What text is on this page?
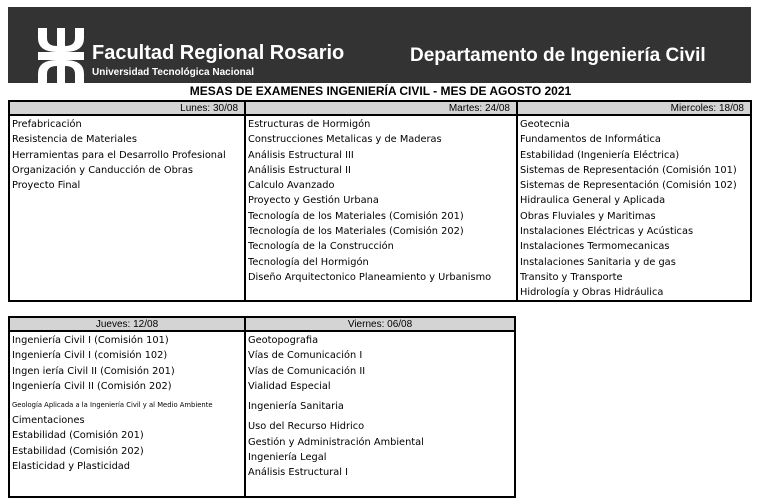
Facultad Regional Rosario
Universidad Tecnológica Nacional
Departamento de Ingeniería Civil
MESAS DE EXAMENES INGENIERÍA CIVIL - MES DE AGOSTO 2021
Lunes: 30/08
Prefabricación
Resistencia de Materiales
Herramientas para el Desarrollo Profesional
Organización y Canducción de Obras
Proyecto Final
Martes: 24/08
Estructuras de Hormigón
Construcciones Metalicas y de Maderas
Análisis Estructural III
Análisis Estructural II
Calculo Avanzado
Proyecto y Gestión Urbana
Tecnología de los Materiales (Comisión 201)
Tecnología de los Materiales (Comisión 202)
Tecnología de la Construcción
Tecnología del Hormigón
Diseño Arquitectonico Planeamiento y Urbanismo
Miercoles: 18/08
Geotecnia
Fundamentos de Informática
Estabilidad (Ingeniería Eléctrica)
Sistemas de Representación (Comisión 101)
Sistemas de Representación (Comisión 102)
Hidraulica General y Aplicada
Obras Fluviales y Maritimas
Instalaciones Eléctricas y Acústicas
Instalaciones Termomecanicas
Instalaciones Sanitaria y de gas
Transito y Transporte
Hidrología y Obras Hidráulica
Jueves: 12/08
Ingeniería Civil I (Comisión 101)
Ingeniería Civil I (comisión 102)
Ingen iería Civil II (Comisión 201)
Ingeniería Civil II (Comisión 202)
Geología Aplicada a la Ingeniería Civil y al Medio Ambiente
Cimentaciones
Estabilidad (Comisión 201)
Estabilidad (Comisión 202)
Elasticidad y Plasticidad
Viernes: 06/08
Geotopografia
Vías de Comunicación I
Vías de Comunicación II
Vialidad Especial
Ingeniería Sanitaria
Uso del Recurso Hidrico
Gestión y Administración Ambiental
Ingeniería Legal
Análisis Estructural I
